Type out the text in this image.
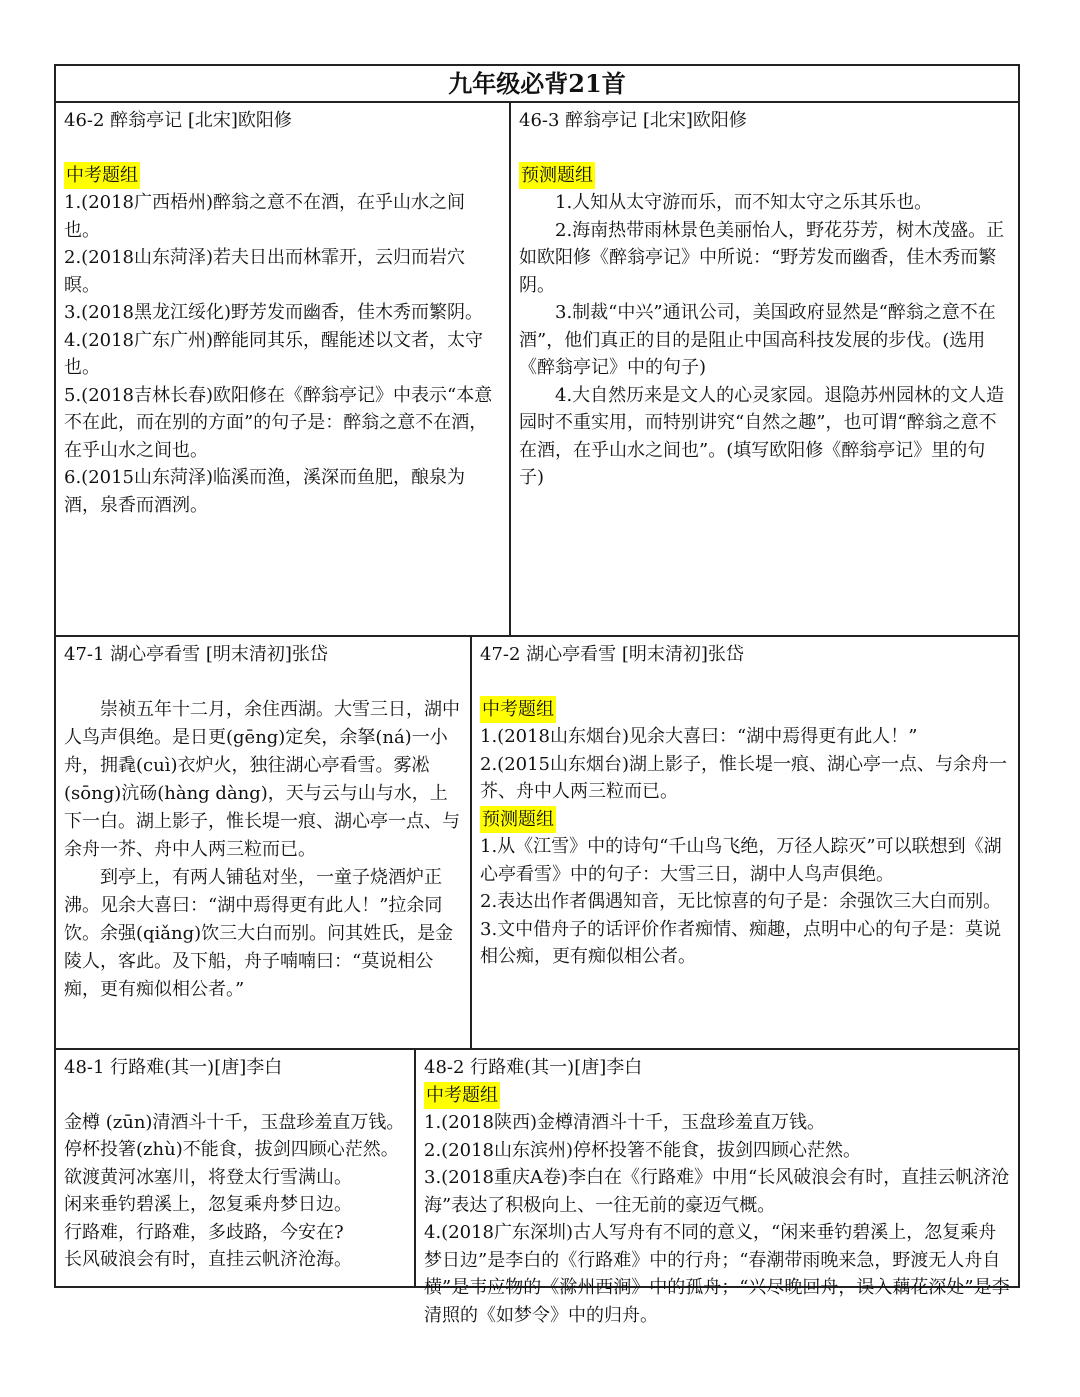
九年级必背21首
46-2 醉翁亭记 [北宋]欧阳修
中考题组

1.(2018广西梧州)醉翁之意不在酒，在乎山水之间也。

2.(2018山东菏泽)若夫日出而林霏开，云归而岩穴暝。

3.(2018黑龙江绥化)野芳发而幽香，佳木秀而繁阴。

4.(2018广东广州)醉能同其乐，醒能述以文者，太守也。

5.(2018吉林长春)欧阳修在《醉翁亭记》中表示“本意不在此，而在别的方面”的句子是：醉翁之意不在酒，在乎山水之间也。

6.(2015山东菏泽)临溪而渔，溪深而鱼肥，酿泉为酒，泉香而酒洌。

46-3 醉翁亭记 [北宋]欧阳修
预测题组

1.人知从太守游而乐，而不知太守之乐其乐也。

2.海南热带雨林景色美丽怡人，野花芬芳，树木茂盛。正如欧阳修《醉翁亭记》中所说：“野芳发而幽香，佳木秀而繁阴。

3.制裁“中兴”通讯公司，美国政府显然是“醉翁之意不在酒”，他们真正的目的是阻止中国高科技发展的步伐。(选用《醉翁亭记》中的句子)

4.大自然历来是文人的心灵家园。退隐苏州园林的文人造园时不重实用，而特别讲究“自然之趣”，也可谓“醉翁之意不在酒，在乎山水之间也”。(填写欧阳修《醉翁亭记》里的句子)

47-1 湖心亭看雪 [明末清初]张岱

崇祯五年十二月，余住西湖。大雪三日，湖中人鸟声俱绝。是日更(gēng)定矣，余拏(ná)一小舟，拥毳(cuì)衣炉火，独往湖心亭看雪。雾凇(sōng)沆砀(hàng dàng)，天与云与山与水，上下一白。湖上影子，惟长堤一痕、湖心亭一点、与余舟一芥、舟中人两三粒而已。

到亭上，有两人铺毡对坐，一童子烧酒炉正沸。见余大喜曰：“湖中焉得更有此人！”拉余同饮。余强(qiǎng)饮三大白而别。问其姓氏，是金陵人，客此。及下船，舟子喃喃曰：“莫说相公痴，更有痴似相公者。”

47-2 湖心亭看雪 [明末清初]张岱
中考题组

1.(2018山东烟台)见余大喜曰：“湖中焉得更有此人！”

2.(2015山东烟台)湖上影子，惟长堤一痕、湖心亭一点、与余舟一芥、舟中人两三粒而已。

预测题组

1.从《江雪》中的诗句“千山鸟飞绝，万径人踪灭”可以联想到《湖心亭看雪》中的句子：大雪三日，湖中人鸟声俱绝。

2.表达出作者偶遇知音，无比惊喜的句子是：余强饮三大白而别。

3.文中借舟子的话评价作者痴情、痴趣，点明中心的句子是：莫说相公痴，更有痴似相公者。

48-1 行路难(其一)[唐]李白

金樽 (zūn)清酒斗十千，玉盘珍羞直万钱。

停杯投箸(zhù)不能食，拔剑四顾心茫然。

欲渡黄河冰塞川，将登太行雪满山。

闲来垂钓碧溪上，忽复乘舟梦日边。

行路难，行路难，多歧路，今安在?

长风破浪会有时，直挂云帆济沧海。

48-2 行路难(其一)[唐]李白
中考题组

1.(2018陕西)金樽清酒斗十千，玉盘珍羞直万钱。

2.(2018山东滨州)停杯投箸不能食，拔剑四顾心茫然。

3.(2018重庆A卷)李白在《行路难》中用“长风破浪会有时，直挂云帆济沧海”表达了积极向上、一往无前的豪迈气概。

4.(2018广东深圳)古人写舟有不同的意义，“闲来垂钓碧溪上，忽复乘舟梦日边”是李白的《行路难》中的行舟；“春潮带雨晚来急，野渡无人舟自横”是韦应物的《滁州西涧》中的孤舟；“兴尽晚回舟，误入藕花深处”是李清照的《如梦令》中的归舟。
